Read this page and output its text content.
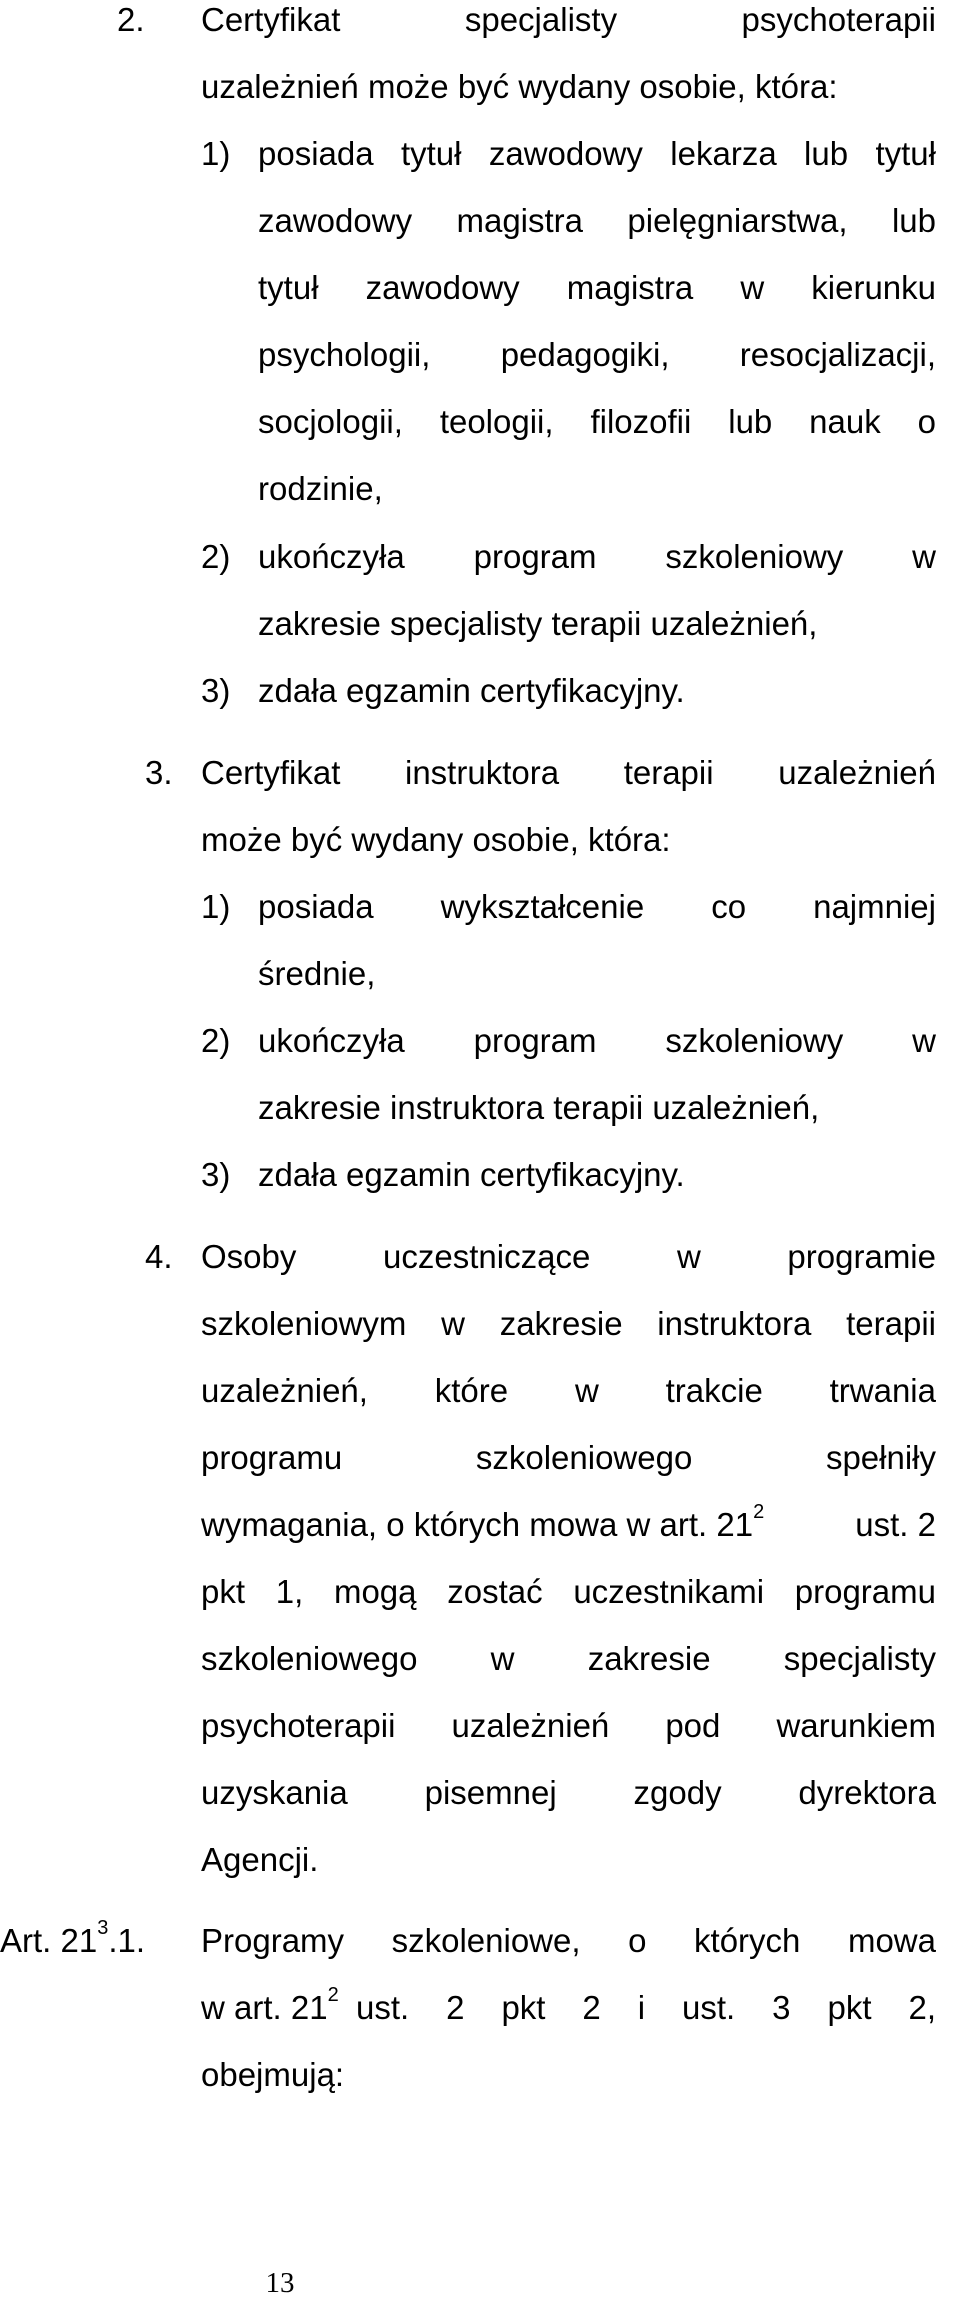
2. Certyfikat specjalisty psychoterapii
uzależnień może być wydany osobie, która:
1) posiada tytuł zawodowy lekarza lub tytuł
zawodowy magistra pielęgniarstwa, lub
tytuł zawodowy magistra w kierunku
psychologii, pedagogiki, resocjalizacji,
socjologii, teologii, filozofii lub nauk o
rodzinie,
2) ukończyła program szkoleniowy w
zakresie specjalisty terapii uzależnień,
3) zdała egzamin certyfikacyjny.
3. Certyfikat instruktora terapii uzależnień
może być wydany osobie, która:
1) posiada wykształcenie co najmniej
średnie,
2) ukończyła program szkoleniowy w
zakresie instruktora terapii uzależnień,
3) zdała egzamin certyfikacyjny.
4. Osoby uczestniczące w programie
szkoleniowym w zakresie instruktora terapii
uzależnień, które w trakcie trwania
programu szkoleniowego spełniły
wymagania, o których mowa w art. $21^2$	ust. 2
pkt 1, mogą zostać uczestnikami programu
szkoleniowego w zakresie specjalisty
psychoterapii uzależnień pod warunkiem
uzyskania pisemnej zgody dyrektora
Agencji.
Art. $21^3.1$. Programy szkoleniowe, o których mowa
w art. $21^2$ ust. 2 pkt 2 i ust. 3 pkt 2,
obejmują:
13
